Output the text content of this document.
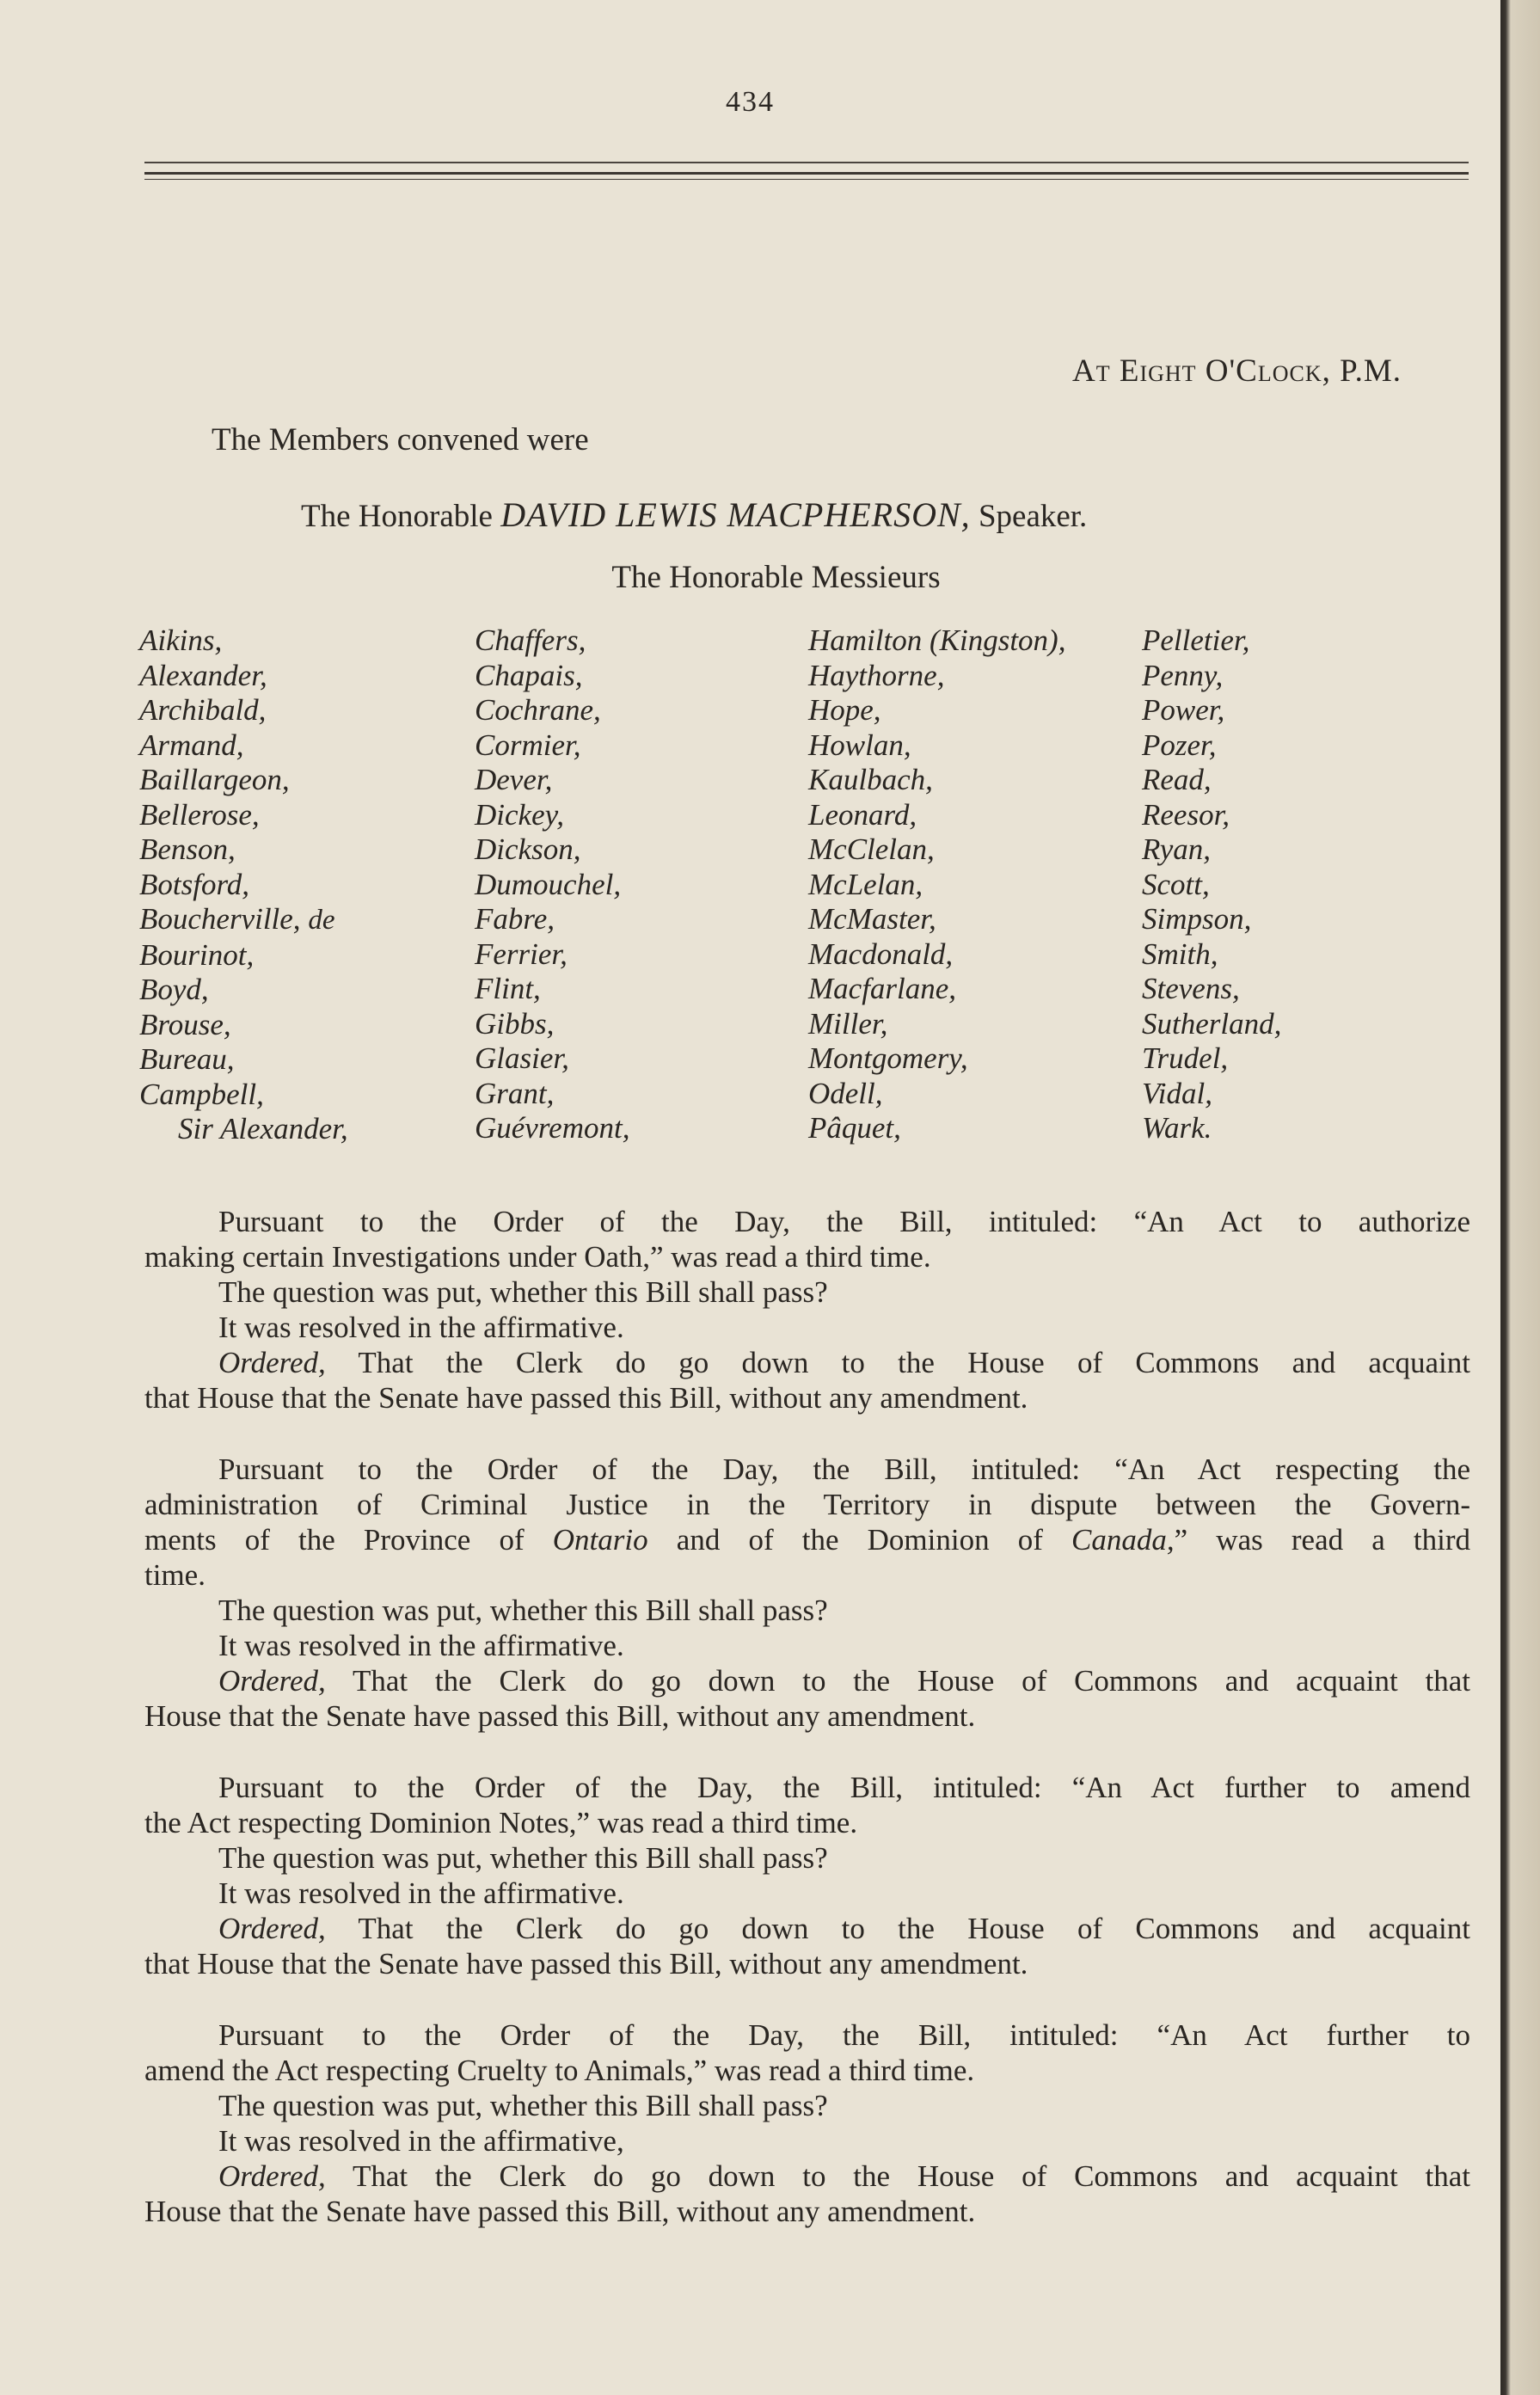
434
At Eight O'Clock, P.M.
The Members convened were
The Honorable DAVID LEWIS MACPHERSON, Speaker.
The Honorable Messieurs
Aikins,
Alexander,
Archibald,
Armand,
Baillargeon,
Bellerose,
Benson,
Botsford,
Boucherville, de
Bourinot,
Boyd,
Brouse,
Bureau,
Campbell,
Sir Alexander,
Chaffers,
Chapais,
Cochrane,
Cormier,
Dever,
Dickey,
Dickson,
Dumouchel,
Fabre,
Ferrier,
Flint,
Gibbs,
Glasier,
Grant,
Guévremont,
Hamilton (Kingston),
Haythorne,
Hope,
Howlan,
Kaulbach,
Leonard,
McClelan,
McLelan,
McMaster,
Macdonald,
Macfarlane,
Miller,
Montgomery,
Odell,
Pâquet,
Pelletier,
Penny,
Power,
Pozer,
Read,
Reesor,
Ryan,
Scott,
Simpson,
Smith,
Stevens,
Sutherland,
Trudel,
Vidal,
Wark.
Pursuant to the Order of the Day, the Bill, intituled: “An Act to authorize
making certain Investigations under Oath,” was read a third time.
The question was put, whether this Bill shall pass?
It was resolved in the affirmative.
Ordered, That the Clerk do go down to the House of Commons and acquaint
that House that the Senate have passed this Bill, without any amendment.
Pursuant to the Order of the Day, the Bill, intituled: “An Act respecting the
administration of Criminal Justice in the Territory in dispute between the Govern-
ments of the Province of Ontario and of the Dominion of Canada,” was read a third
time.
The question was put, whether this Bill shall pass?
It was resolved in the affirmative.
Ordered, That the Clerk do go down to the House of Commons and acquaint that
House that the Senate have passed this Bill, without any amendment.
Pursuant to the Order of the Day, the Bill, intituled: “An Act further to amend
the Act respecting Dominion Notes,” was read a third time.
The question was put, whether this Bill shall pass?
It was resolved in the affirmative.
Ordered, That the Clerk do go down to the House of Commons and acquaint
that House that the Senate have passed this Bill, without any amendment.
Pursuant to the Order of the Day, the Bill, intituled: “An Act further to
amend the Act respecting Cruelty to Animals,” was read a third time.
The question was put, whether this Bill shall pass?
It was resolved in the affirmative,
Ordered, That the Clerk do go down to the House of Commons and acquaint that
House that the Senate have passed this Bill, without any amendment.
